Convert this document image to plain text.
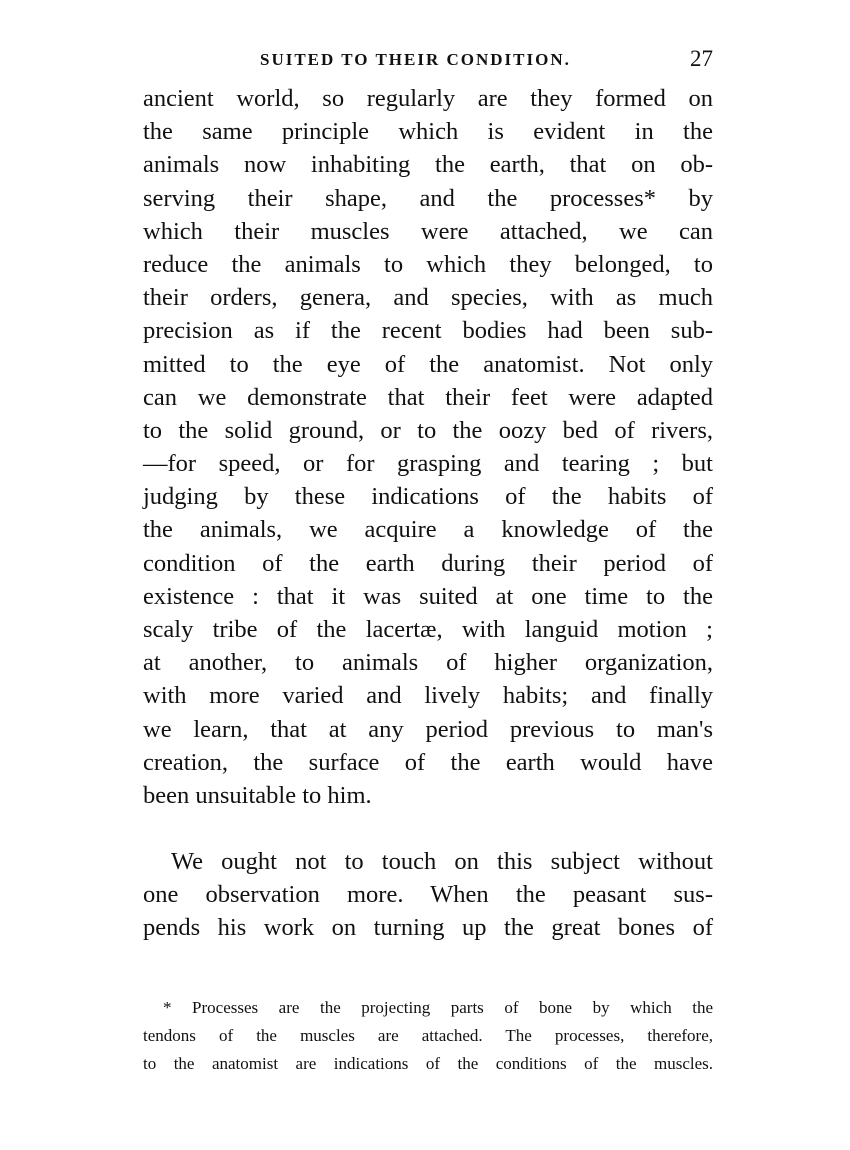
SUITED TO THEIR CONDITION.	27
ancient world, so regularly are they formed on
the same principle which is evident in the
animals now inhabiting the earth, that on ob-
serving their shape, and the processes* by
which their muscles were attached, we can
reduce the animals to which they belonged, to
their orders, genera, and species, with as much
precision as if the recent bodies had been sub-
mitted to the eye of the anatomist. Not only
can we demonstrate that their feet were adapted
to the solid ground, or to the oozy bed of rivers,
—for speed, or for grasping and tearing ; but
judging by these indications of the habits of
the animals, we acquire a knowledge of the
condition of the earth during their period of
existence : that it was suited at one time to the
scaly tribe of the lacertæ, with languid motion ;
at another, to animals of higher organization,
with more varied and lively habits; and finally
we learn, that at any period previous to man's
creation, the surface of the earth would have
been unsuitable to him.
We ought not to touch on this subject without
one observation more. When the peasant sus-
pends his work on turning up the great bones of
* Processes are the projecting parts of bone by which the
tendons of the muscles are attached. The processes, therefore,
to the anatomist are indications of the conditions of the muscles.
